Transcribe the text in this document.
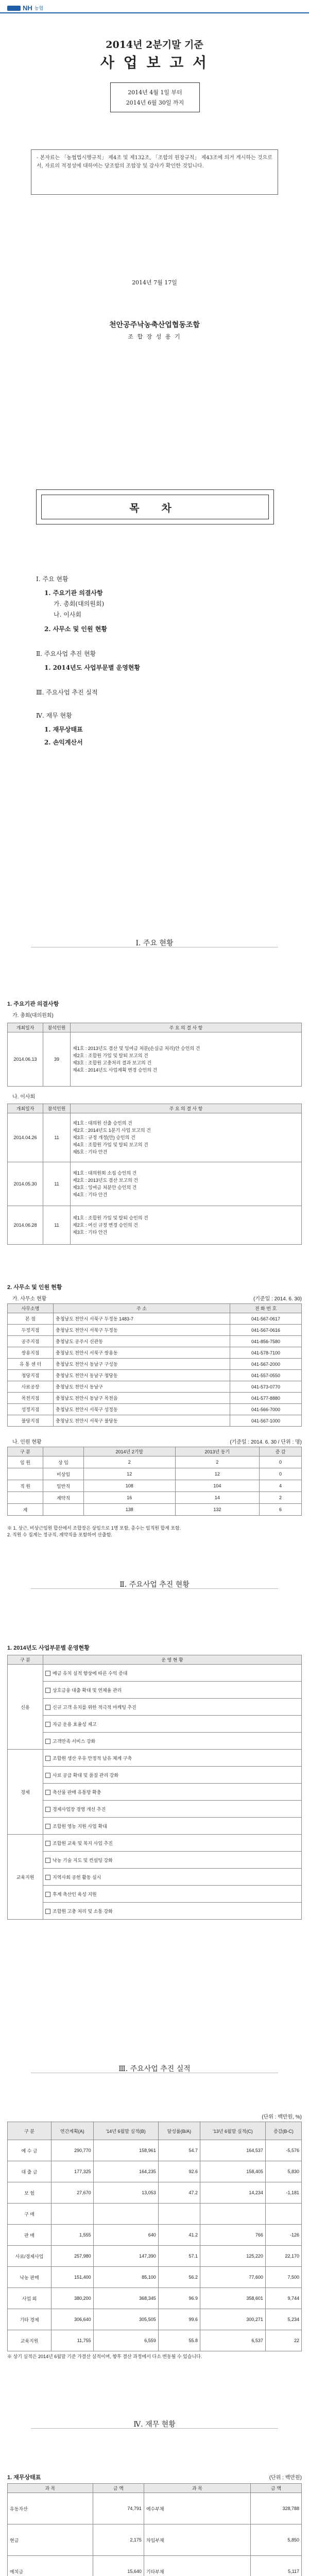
NH 농협
2014년 2분기말 기준
사 업 보 고 서
2014년 4월 1일 부터
2014년 6월 30일 까지
- 본자료는 「농협법시행규칙」 제4조 및 제132조, 「조합의 원장규칙」 제43조에 의거 게시하는 것으로서, 자료의 적정성에 대하여는 당조합의 조합장 및 감사가 확인한 것입니다.
2014년 7월 17일
천안공주낙농축산업협동조합
조 합 장 성 용 기
목 차
Ⅰ. 주요 현황
1. 주요기관 의결사항
가. 총회(대의원회)
나. 이사회
2. 사무소 및 인원 현황
Ⅱ. 주요사업 추진 현황
1. 2014년도 사업부문별 운영현황
Ⅲ. 주요사업 추진 실적
Ⅳ. 재무 현황
1. 재무상태표
2. 손익계산서
Ⅰ. 주요 현황
1. 주요기관 의결사항
가. 총회(대의원회)
개최일자	참석인원	주 요 의 결 사 항
2014.06.13	39	제1호 : 2013년도 결산 및 잉여금 처분(손실금 처리)안 승인의 건
제2호 : 조합원 가입 및 탈퇴 보고의 건
제3호 : 조합원 고충처리 결과 보고의 건
제4호 : 2014년도 사업계획 변경 승인의 건
나. 이사회
개최일자	참석인원	주 요 의 결 사 항
2014.04.26	11	제1호 : 대의원 선출 승인의 건
제2호 : 2014년도 1분기 사업 보고의 건
제3호 : 규정 개정(안) 승인의 건
제4호 : 조합원 가입 및 탈퇴 보고의 건
제5호 : 기타 안건

2014.05.30	11	제1호 : 대의원회 소집 승인의 건
제2호 : 2013년도 결산 보고의 건
제3호 : 잉여금 처분안 승인의 건
제4호 : 기타 안건

2014.06.28	11	제1호 : 조합원 가입 및 탈퇴 승인의 건
제2호 : 여신 규정 변경 승인의 건
제3호 : 기타 안건
2. 사무소 및 인원 현황
가. 사무소 현황	(기준일 : 2014. 6. 30)
사무소명	주 소	전 화 번 호
본 점	충청남도 천안시 서북구 두정동 1483-7	041-567-0617
두정지점	충청남도 천안시 서북구 두정동	041-567-0616
공주지점	충청남도 공주시 신관동	041-856-7580
쌍용지점	충청남도 천안시 서북구 쌍용동	041-578-7100
유 통 센 터	충청남도 천안시 동남구 구성동	041-567-2000
청당지점	충청남도 천안시 동남구 청당동	041-557-0550
사료공장	충청남도 천안시 동남구	041-573-0770
목천지점	충청남도 천안시 동남구 목천읍	041-577-8880
성정지점	충청남도 천안시 서북구 성정동	041-566-7000
불당지점	충청남도 천안시 서북구 불당동	041-567-1000
나. 인원 현황	(기준일 : 2014. 6. 30 / 단위 : 명)
구 분		2014년 2기말	2013년 동기	증 감
임 원	상 임	2	2	0
	비상임	12	12	0
직 원	일반직	108	104	4
	계약직	16	14	2
계		138	132	6
※ 1. 상근, 비상근임원 합산에서 조합장은 상임으로 1명 포함, 총수는 임직원 합계 포함.
2. 직원 수 집계는 정규직, 계약직을 포함하여 산출함.
Ⅱ. 주요사업 추진 현황
1. 2014년도 사업부문별 운영현황
구 분	운 영 현 황
신용	예금 유치 실적 향상에 따른 수익 증대
	상호금융 대출 확대 및 연체율 관리
	신규 고객 유치를 위한 적극적 마케팅 추진
	자금 운용 효율성 제고
	고객만족 서비스 강화
경제	조합원 생산 우유 안정적 납유 체계 구축
	사료 공급 확대 및 품질 관리 강화
	축산물 판매 유통망 확충
	경제사업장 경영 개선 추진
	조합원 영농 지원 사업 확대
교육지원	조합원 교육 및 복지 사업 추진
	낙농 기술 지도 및 컨설팅 강화
	지역사회 공헌 활동 실시
	후계 축산인 육성 지원
	조합원 고충 처리 및 소통 강화
Ⅲ. 주요사업 추진 실적
(단위 : 백만원, %)
구 분	연간계획(A)	'14년 6월말 실적(B)	달성률(B/A)	'13년 6월말 실적(C)	증감(B-C)
예 수 금	290,770	158,961	54.7	164,537	-5,576
대 출 금	177,325	164,235	92.6	158,405	5,830
보 험	27,670	13,053	47.2	14,234	-1,181
구 매					
판 매	1,555	640	41.2	766	-126
사료/경제사업	257,980	147,390	57.1	125,220	22,170
낙농 판매	151,400	85,100	56.2	77,600	7,500
사업 외	380,200	368,345	96.9	358,601	9,744
기타 경제	306,640	305,505	99.6	300,271	5,234
교육지원	11,755	6,559	55.8	6,537	22
※ 상기 실적은 2014년 6월말 기준 가결산 실적이며, 향후 결산 과정에서 다소 변동될 수 있습니다.
Ⅳ. 재무 현황
1. 재무상태표	(단위 : 백만원)
과 목	금 액	과 목	금 액
유동자산	74,791	예수부채	328,788
현금	2,175	차입부채	5,850
예치금	15,640	기타부채	5,117
